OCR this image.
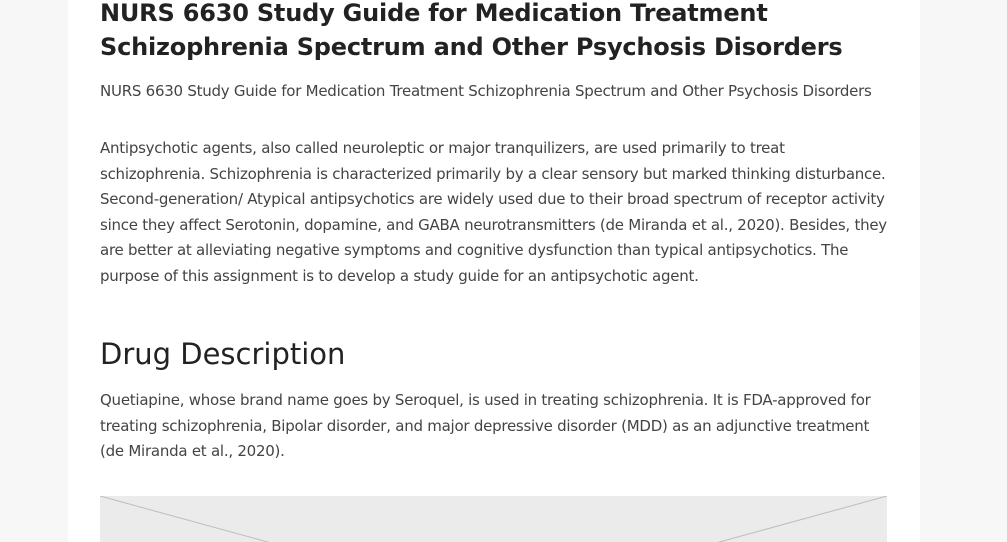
NURS 6630 Study Guide for Medication Treatment Schizophrenia Spectrum and Other Psychosis Disorders

NURS 6630 Study Guide for Medication Treatment Schizophrenia Spectrum and Other Psychosis Disorders

Antipsychotic agents, also called neuroleptic or major tranquilizers, are used primarily to treat schizophrenia. Schizophrenia is characterized primarily by a clear sensory but marked thinking disturbance. Second-generation/ Atypical antipsychotics are widely used due to their broad spectrum of receptor activity since they affect Serotonin, dopamine, and GABA neurotransmitters (de Miranda et al., 2020). Besides, they are better at alleviating negative symptoms and cognitive dysfunction than typical antipsychotics. The purpose of this assignment is to develop a study guide for an antipsychotic agent.

Drug Description

Quetiapine, whose brand name goes by Seroquel, is used in treating schizophrenia. It is FDA-approved for treating schizophrenia, Bipolar disorder, and major depressive disorder (MDD) as an adjunctive treatment (de Miranda et al., 2020).
